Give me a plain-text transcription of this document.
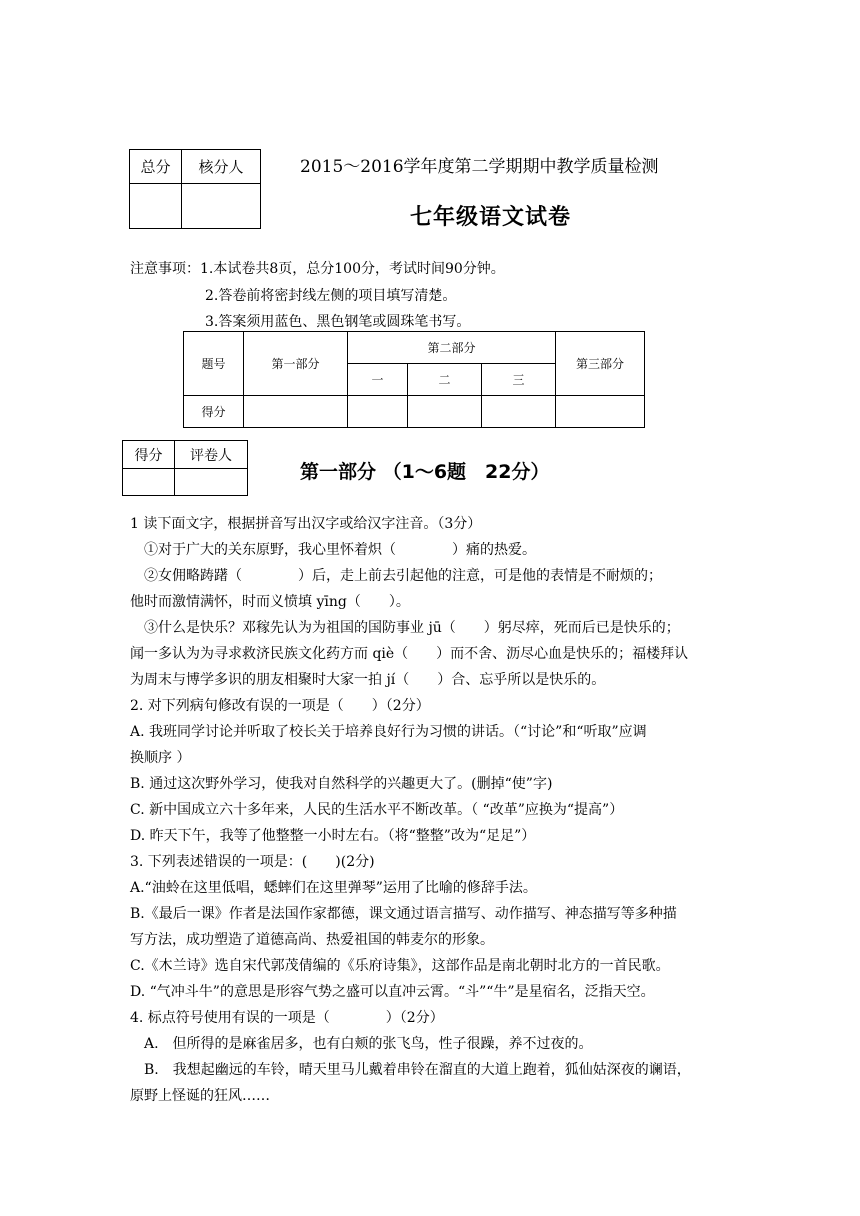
总分	核分人
		2015～2016学年度第二学期期中教学质量检测
七年级语文试卷
注意事项：1.本试卷共8页，总分100分，考试时间90分钟。
2.答卷前将密封线左侧的项目填写清楚。
3.答案须用蓝色、黑色钢笔或圆珠笔书写。
题号	第一部分	第二部分			第三部分
		一	二	三	
得分					
得分	评卷人

第一部分 （1～6题　22分）
1 读下面文字，根据拼音写出汉字或给汉字注音。（3分）
　①对于广大的关东原野，我心里怀着炽（　　　　）痛的热爱。
　②女佣略踌躇（　　　　）后，走上前去引起他的注意，可是他的表情是不耐烦的；
他时而激情满怀，时而义愤填 yīng（　　）。
　③什么是快乐？邓稼先认为为祖国的国防事业 jū（　　）躬尽瘁，死而后已是快乐的；
闻一多认为为寻求救济民族文化药方而 qiè（　　）而不舍、沥尽心血是快乐的；福楼拜认
为周末与博学多识的朋友相聚时大家一拍 jí（　　）合、忘乎所以是快乐的。
2. 对下列病句修改有误的一项是（　　）（2分）
A. 我班同学讨论并听取了校长关于培养良好行为习惯的讲话。（“讨论”和“听取”应调
换顺序 ）
B. 通过这次野外学习，使我对自然科学的兴趣更大了。(删掉“使”字)
C. 新中国成立六十多年来，人民的生活水平不断改革。（ “改革”应换为“提高”）
D. 昨天下午，我等了他整整一小时左右。（将“整整”改为“足足”）
3. 下列表述错误的一项是：(　　)(2分)
A.“油蛉在这里低唱，蟋蟀们在这里弹琴”运用了比喻的修辞手法。
B.《最后一课》作者是法国作家都德，课文通过语言描写、动作描写、神态描写等多种描
写方法，成功塑造了道德高尚、热爱祖国的韩麦尔的形象。
C.《木兰诗》选自宋代郭茂倩编的《乐府诗集》，这部作品是南北朝时北方的一首民歌。
D. “气冲斗牛”的意思是形容气势之盛可以直冲云霄。“斗”“牛”是星宿名，泛指天空。
4. 标点符号使用有误的一项是（　　　　）（2分）
　A.　但所得的是麻雀居多，也有白颊的张飞鸟，性子很躁，养不过夜的。
　B.　我想起幽远的车铃，晴天里马儿戴着串铃在溜直的大道上跑着，狐仙姑深夜的谰语，
原野上怪诞的狂风……
